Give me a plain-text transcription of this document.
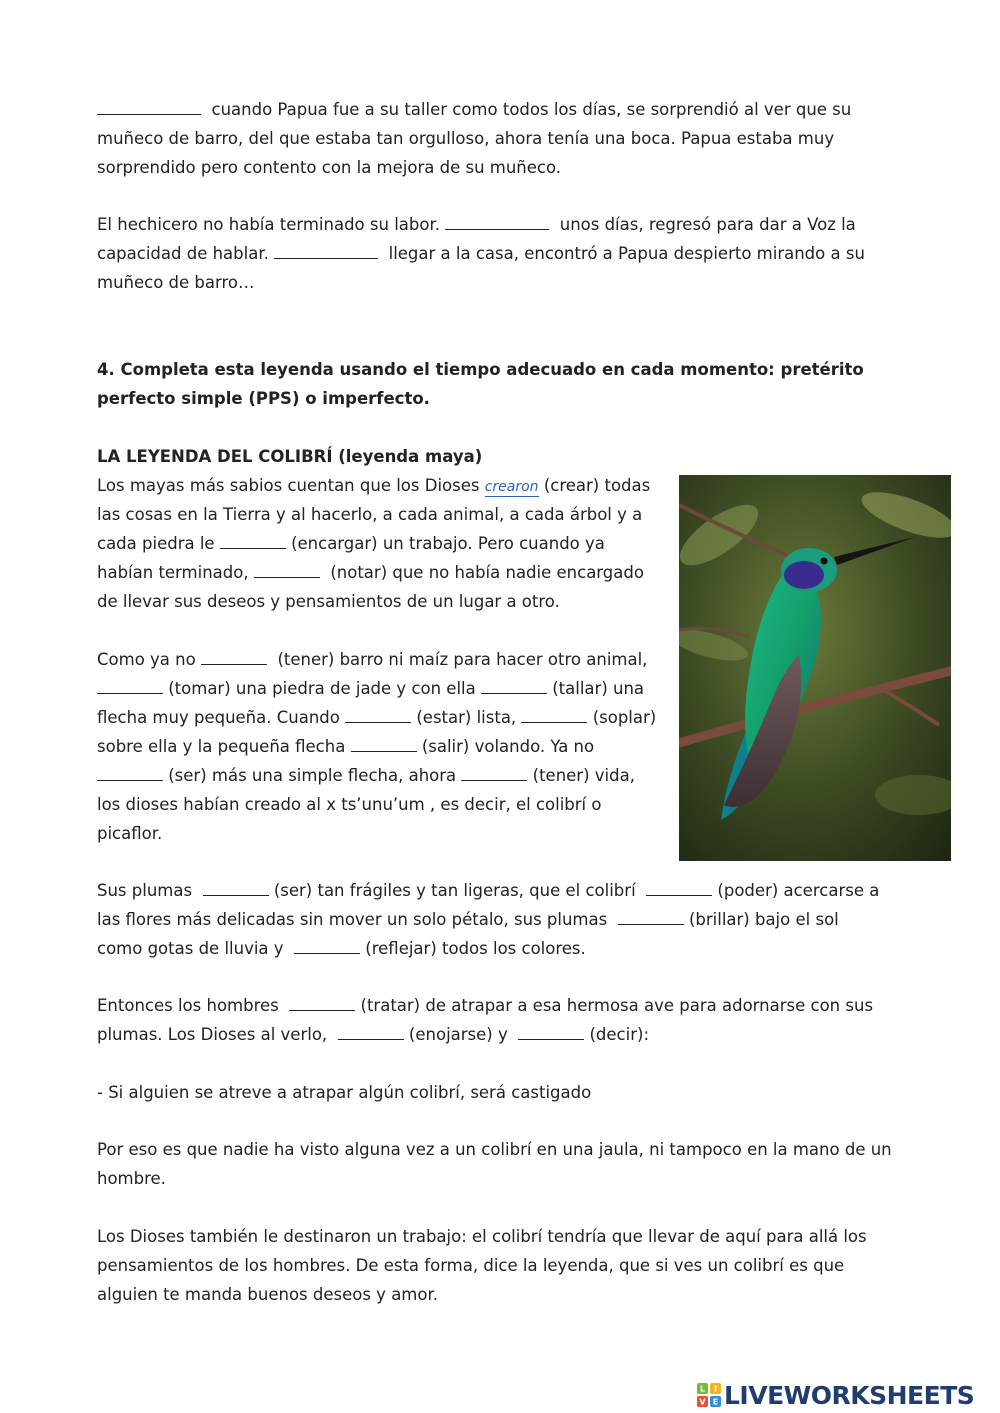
cuando Papua fue a su taller como todos los días, se sorprendió al ver que su
muñeco de barro, del que estaba tan orgulloso, ahora tenía una boca. Papua estaba muy
sorprendido pero contento con la mejora de su muñeco.

El hechicero no había terminado su labor.	unos días, regresó para dar a Voz la
capacidad de hablar.	llegar a la casa, encontró a Papua despierto mirando a su
muñeco de barro…

4. Completa esta leyenda usando el tiempo adecuado en cada momento: pretérito
perfecto simple (PPS) o imperfecto.

LA LEYENDA DEL COLIBRÍ (leyenda maya)

Los mayas más sabios cuentan que los Dioses crearon (crear) todas
las cosas en la Tierra y al hacerlo, a cada animal, a cada árbol y a
cada piedra le	(encargar) un trabajo. Pero cuando ya
habían terminado,	(notar) que no había nadie encargado
de llevar sus deseos y pensamientos de un lugar a otro.

Como ya no	(tener) barro ni maíz para hacer otro animal,
(tomar) una piedra de jade y con ella	(tallar) una
flecha muy pequeña. Cuando	(estar) lista,	(soplar)
sobre ella y la pequeña flecha	(salir) volando. Ya no
(ser) más una simple flecha, ahora	(tener) vida,
los dioses habían creado al x ts’unu’um , es decir, el colibrí o
picaflor.

Sus plumas	(ser) tan frágiles y tan ligeras, que el colibrí	(poder) acercarse a
las flores más delicadas sin mover un solo pétalo, sus plumas	(brillar) bajo el sol
como gotas de lluvia y	(reflejar) todos los colores.

Entonces los hombres	(tratar) de atrapar a esa hermosa ave para adornarse con sus
plumas. Los Dioses al verlo,	(enojarse) y	(decir):

- Si alguien se atreve a atrapar algún colibrí, será castigado

Por eso es que nadie ha visto alguna vez a un colibrí en una jaula, ni tampoco en la mano de un hombre.

Los Dioses también le destinaron un trabajo: el colibrí tendría que llevar de aquí para allá los pensamientos de los hombres. De esta forma, dice la leyenda, que si ves un colibrí es que alguien te manda buenos deseos y amor.

L I
V E LIVEWORKSHEETS
